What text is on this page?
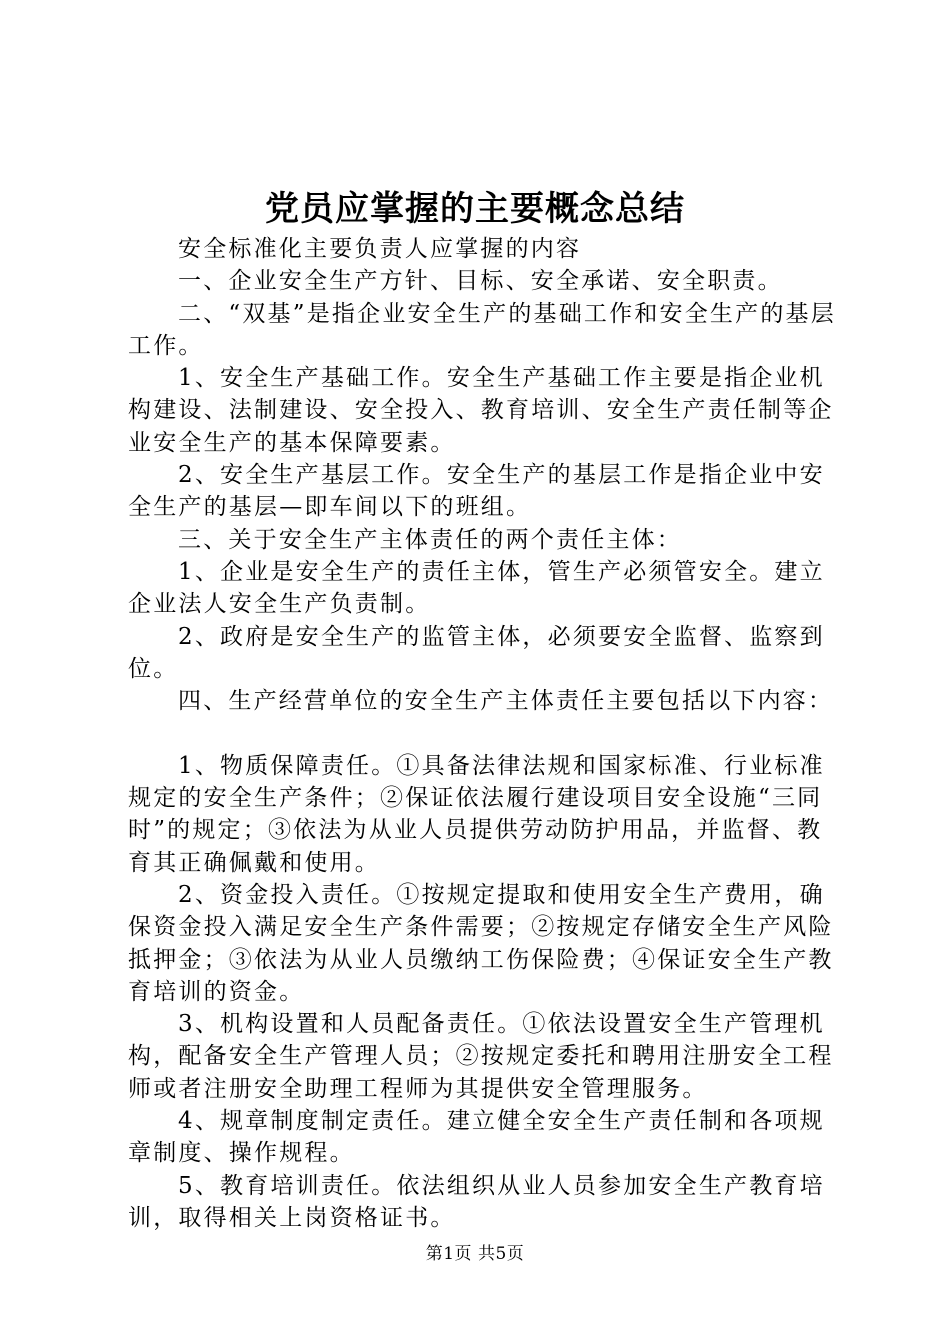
党员应掌握的主要概念总结

安全标准化主要负责人应掌握的内容

一、企业安全生产方针、目标、安全承诺、安全职责。

二、“双基”是指企业安全生产的基础工作和安全生产的基层工作。

1、安全生产基础工作。安全生产基础工作主要是指企业机构建设、法制建设、安全投入、教育培训、安全生产责任制等企业安全生产的基本保障要素。

2、安全生产基层工作。安全生产的基层工作是指企业中安全生产的基层—即车间以下的班组。

三、关于安全生产主体责任的两个责任主体：

1、企业是安全生产的责任主体，管生产必须管安全。建立企业法人安全生产负责制。

2、政府是安全生产的监管主体，必须要安全监督、监察到位。

四、生产经营单位的安全生产主体责任主要包括以下内容：

1、物质保障责任。①具备法律法规和国家标准、行业标准规定的安全生产条件；②保证依法履行建设项目安全设施“三同时”的规定；③依法为从业人员提供劳动防护用品，并监督、教育其正确佩戴和使用。

2、资金投入责任。①按规定提取和使用安全生产费用，确保资金投入满足安全生产条件需要；②按规定存储安全生产风险抵押金；③依法为从业人员缴纳工伤保险费；④保证安全生产教育培训的资金。

3、机构设置和人员配备责任。①依法设置安全生产管理机构，配备安全生产管理人员；②按规定委托和聘用注册安全工程师或者注册安全助理工程师为其提供安全管理服务。

4、规章制度制定责任。建立健全安全生产责任制和各项规章制度、操作规程。

5、教育培训责任。依法组织从业人员参加安全生产教育培训，取得相关上岗资格证书。

第1页 共5页
